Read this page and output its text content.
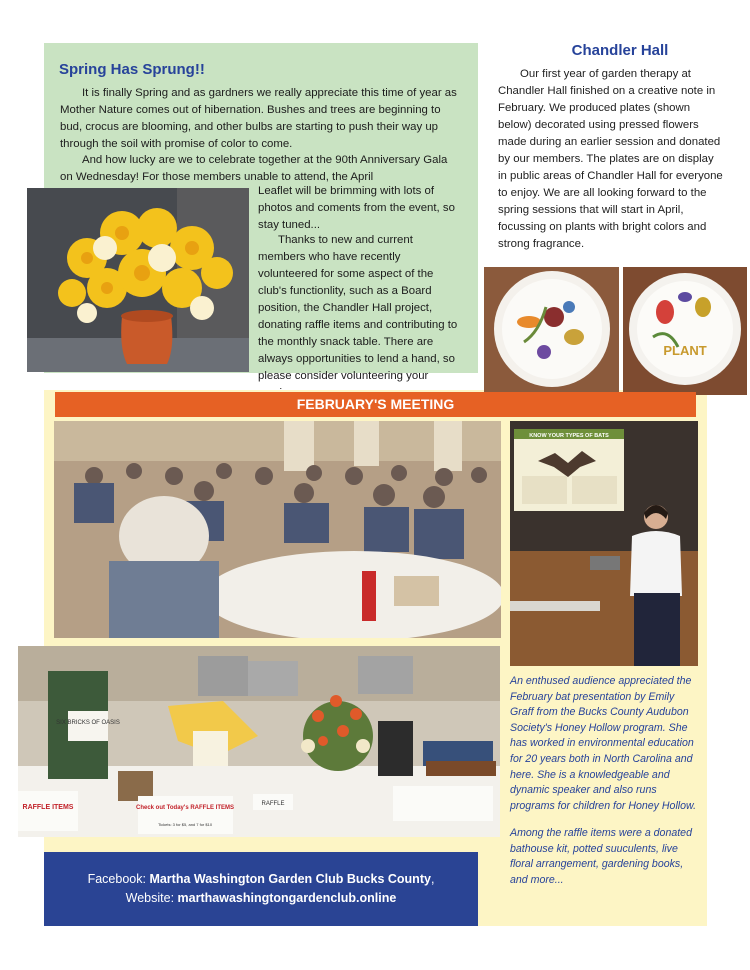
Spring Has Sprung!!

It is finally Spring and as gardners we really appreciate this time of year as Mother Nature comes out of hibernation. Bushes and trees are beginning to bud, crocus are blooming, and other bulbs are starting to push their way up through the soil with promise of color to come.

And how lucky are we to celebrate together at the 90th Anniversary Gala on Wednesday! For those members unable to attend, the April

Leaflet will be brimming with lots of photos and coments from the event, so stay tuned...

Thanks to new and current members who have recently volunteered for some aspect of the club's functionlity, such as a Board position, the Chandler Hall project, donating raffle items and contributing to the monthly snack table. There are always opportunities to lend a hand, so please consider volunteering your

Chandler Hall

Our first year of garden therapy at Chandler Hall finished on a creative note in February. We produced plates (shown below) decorated using pressed flowers made during an earlier session and donated by our members. The plates are on display in public areas of Chandler Hall for everyone to enjoy. We are all looking forward to the spring sessions that will start in April, focussing on plants with bright colors and strong fragrance.

PLANT
FEBRUARY'S MEETING
KNOW YOUR TYPES OF BATS
SIX BRICKS OF OASIS
RAFFLE ITEMS	Check out Today's RAFFLE ITEMS
Tickets: 3 for $5, and 7 for $10
RAFFLE

An enthused audience appreciated the February bat presentation by Emily Graff from the Bucks County Audubon Society's Honey Hollow program. She has worked in environmental education for 20 years both in North Carolina and here. She is a knowledgeable and dynamic speaker and also runs programs for children for Honey Hollow.

Among the raffle items were a donated bathouse kit, potted suuculents, live floral arrangement, gardening books, and more...

Facebook: Martha Washington Garden Club Bucks County,
Website: marthawashingtongardenclub.online
